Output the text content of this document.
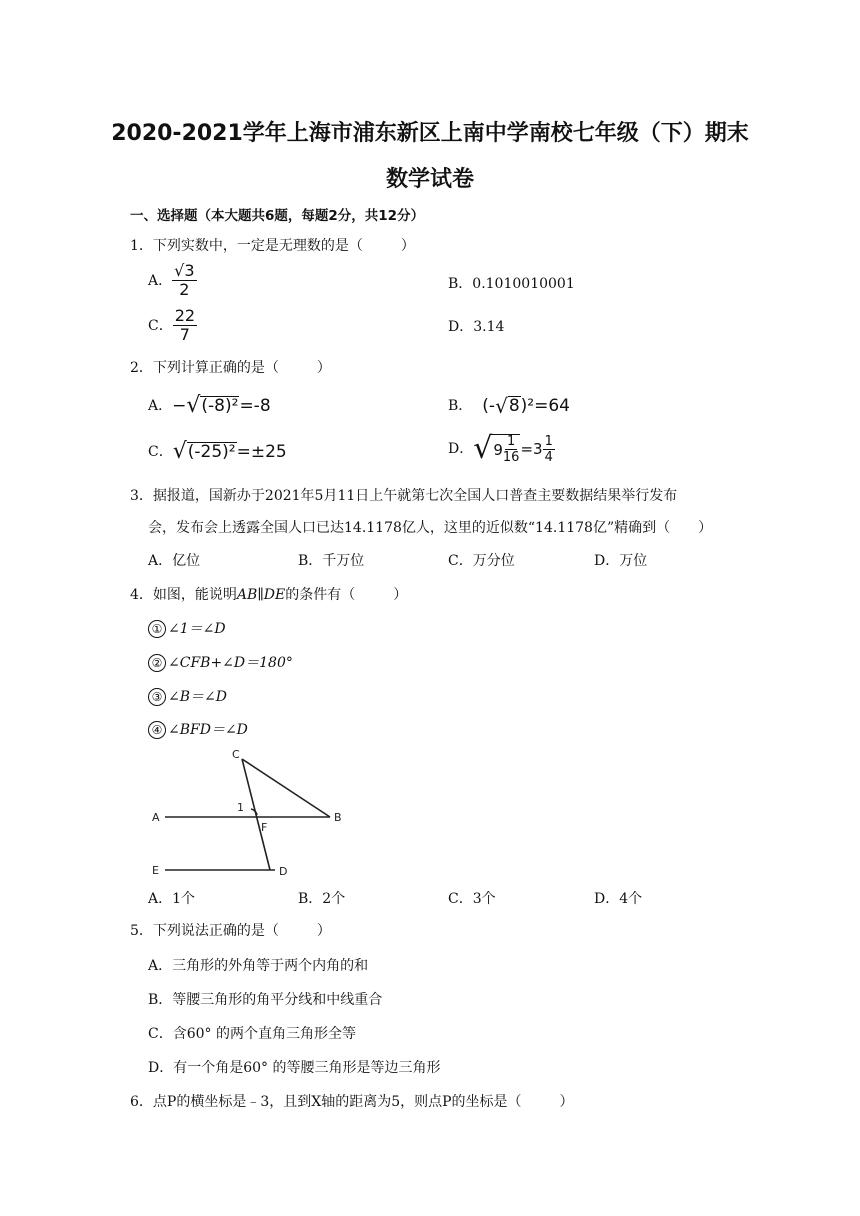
2020-2021学年上海市浦东新区上南中学南校七年级（下）期末
数学试卷
一、选择题（本大题共6题，每题2分，共12分）
1．下列实数中，一定是无理数的是（	）
A． $\frac{√3}{2}$	B．0.1010010001
C． $\frac{22}{7}$	D．3.14
2．下列计算正确的是（	）
A． − √ (-8)² =-8	B． (- √ 8 )²=64
C． √ (-25)² =±25	D． √ $9 \frac{1}{16} =3 \frac{1}{4}$
3．据报道，国新办于2021年5月11日上午就第七次全国人口普查主要数据结果举行发布
会，发布会上透露全国人口已达14.1178亿人，这里的近似数“14.1178亿”精确到（ ）
A．亿位	B．千万位	C．万分位	D．万位
4．如图，能说明AB∥DE的条件有（	）
① ∠1＝∠D
② ∠CFB+∠D＝180°
③ ∠B＝∠D
④ ∠BFD＝∠D
A	B
C
D
E
F
1
A．1个	B．2个	C．3个	D．4个
5．下列说法正确的是（	）
A．三角形的外角等于两个内角的和
B．等腰三角形的角平分线和中线重合
C．含60° 的两个直角三角形全等
D．有一个角是60° 的等腰三角形是等边三角形
6．点P的横坐标是﹣3，且到X轴的距离为5，则点P的坐标是（	）
